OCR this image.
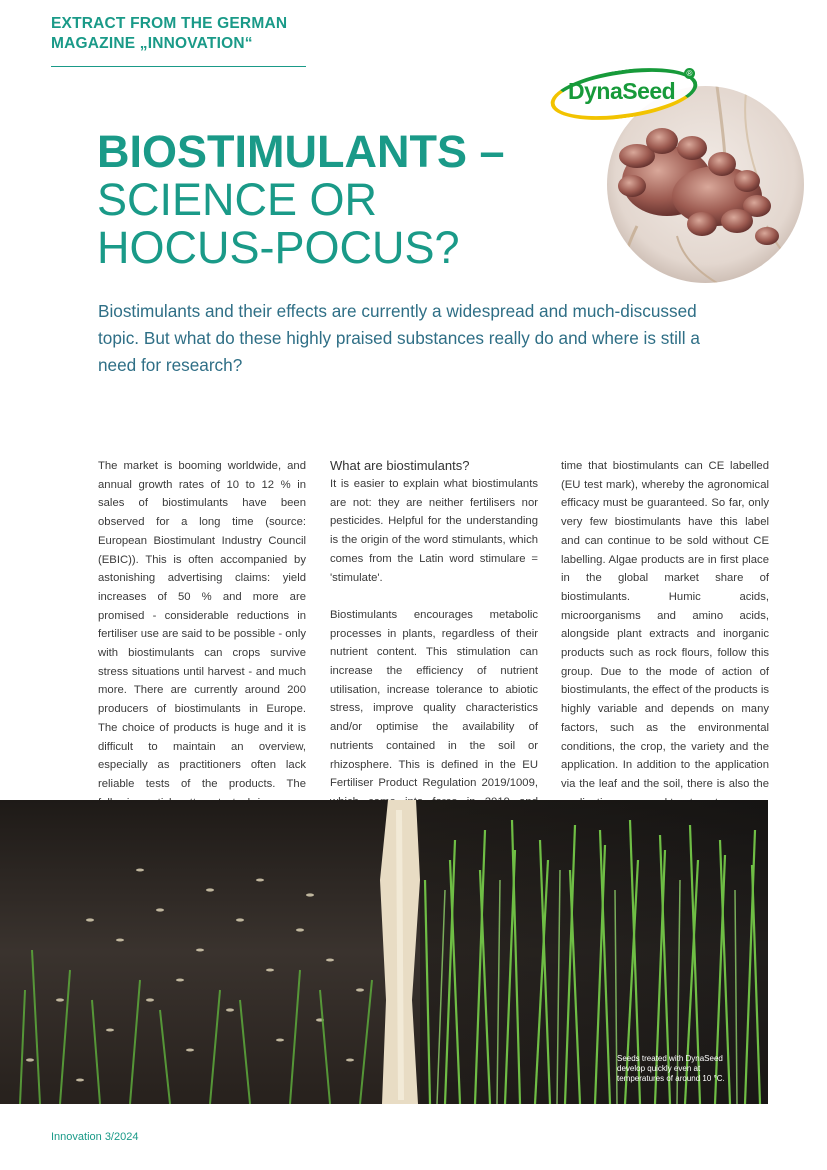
EXTRACT FROM THE GERMAN
MAGAZINE „INNOVATION“
DynaSeed
®
BIOSTIMULANTS –
SCIENCE OR
HOCUS-POCUS?
Biostimulants and their effects are currently a widespread and much-discussed topic. But what do these highly praised substances really do and where is still a need for research?

The market is booming worldwide, and annual growth rates of 10 to 12 % in sales of biostimulants have been observed for a long time (source: European Biostimulant Industry Council (EBIC)). This is often accompanied by astonishing advertising claims: yield increases of 50 % and more are promised - considerable reductions in fertiliser use are said to be possible - only with biostimulants can crops survive stress situations until harvest - and much more. There are currently around 200 producers of biostimulants in Europe. The choice of products is huge and it is difficult to maintain an overview, especially as practitioners often lack reliable tests of the products. The

What are biostimulants?

It is easier to explain what biostimulants are not: they are neither fertilisers nor pesticides. Helpful for the understanding is the origin of the word stimulants, which comes from the Latin word stimulare = 'stimulate'.

Biostimulants encourages metabolic processes in plants, regardless of their nutrient content. This stimulation can increase the efficiency of nutrient utilisation, increase tolerance to abiotic stress, improve quality characteristics and/or optimise the availability of nutrients contained in the soil or rhizosphere. This is defined in the EU Fertiliser Product Regulation 2019/1009,

time that biostimulants can CE labelled (EU test mark), whereby the agronomical efficacy must be guaranteed. So far, only very few biostimulants have this label and can continue to be sold without CE labelling. Algae products are in first place in the global market share of biostimulants. Humic acids, microorganisms and amino acids, alongside plant extracts and inorganic products such as rock flours, follow this group. Due to the mode of action of biostimulants, the effect of the products is highly variable and depends on many factors, such as the environmental conditions, the crop, the variety and the application. In addition to the application via the leaf and the soil, there is also the

Seeds treated with DynaSeed
develop quickly even at
temperatures of around 10 °C.
Innovation 3/2024
